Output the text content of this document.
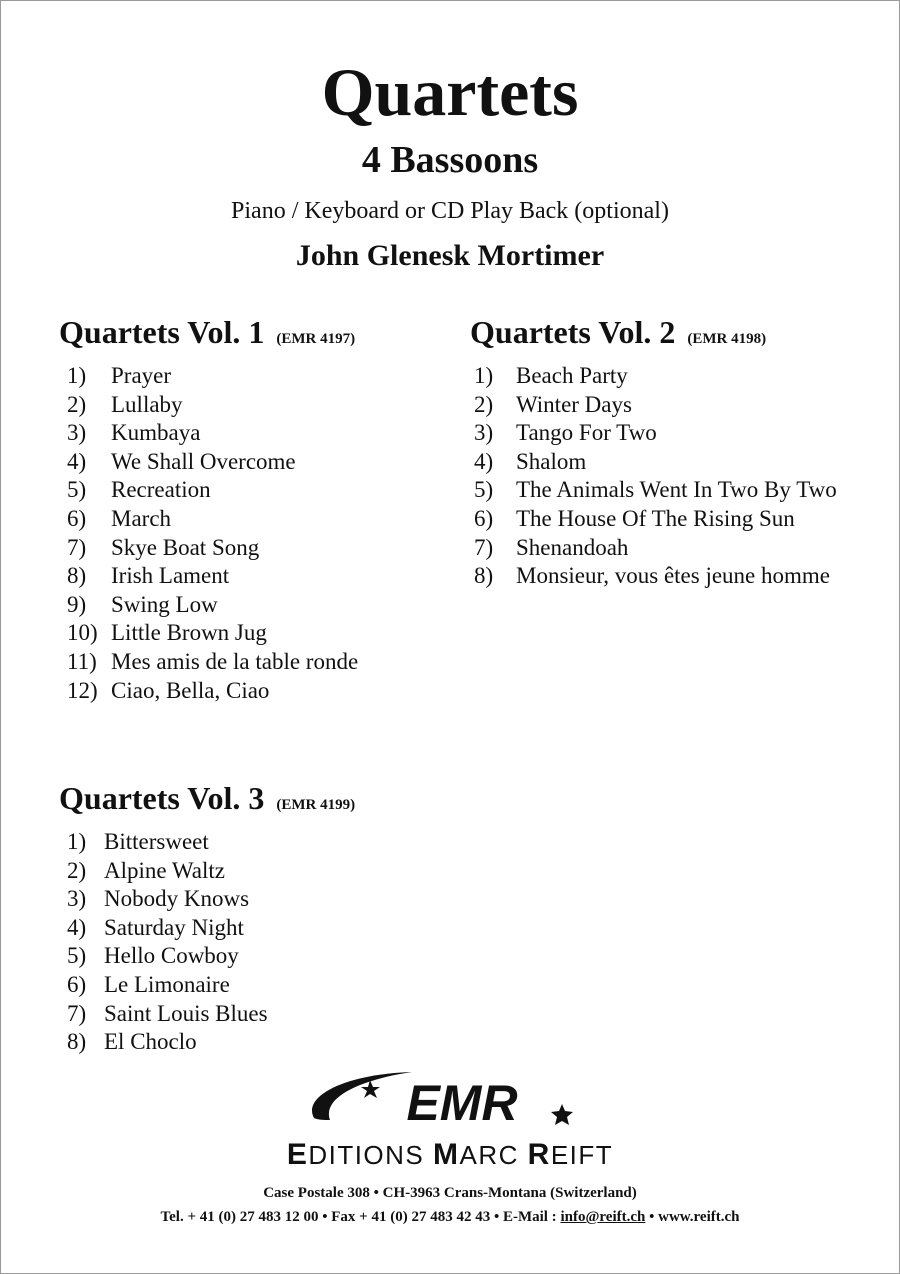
Quartets
4 Bassoons
Piano / Keyboard or CD Play Back (optional)
John Glenesk Mortimer
Quartets Vol. 1 (EMR 4197)
1) Prayer
2) Lullaby
3) Kumbaya
4) We Shall Overcome
5) Recreation
6) March
7) Skye Boat Song
8) Irish Lament
9) Swing Low
10) Little Brown Jug
11) Mes amis de la table ronde
12) Ciao, Bella, Ciao
Quartets Vol. 2 (EMR 4198)
1) Beach Party
2) Winter Days
3) Tango For Two
4) Shalom
5) The Animals Went In Two By Two
6) The House Of The Rising Sun
7) Shenandoah
8) Monsieur, vous êtes jeune homme
Quartets Vol. 3 (EMR 4199)
1) Bittersweet
2) Alpine Waltz
3) Nobody Knows
4) Saturday Night
5) Hello Cowboy
6) Le Limonaire
7) Saint Louis Blues
8) El Choclo
EMR
EDITIONS MARC REIFT
Case Postale 308 • CH-3963 Crans-Montana (Switzerland)
Tel. + 41 (0) 27 483 12 00 • Fax + 41 (0) 27 483 42 43 • E-Mail : info@reift.ch • www.reift.ch
